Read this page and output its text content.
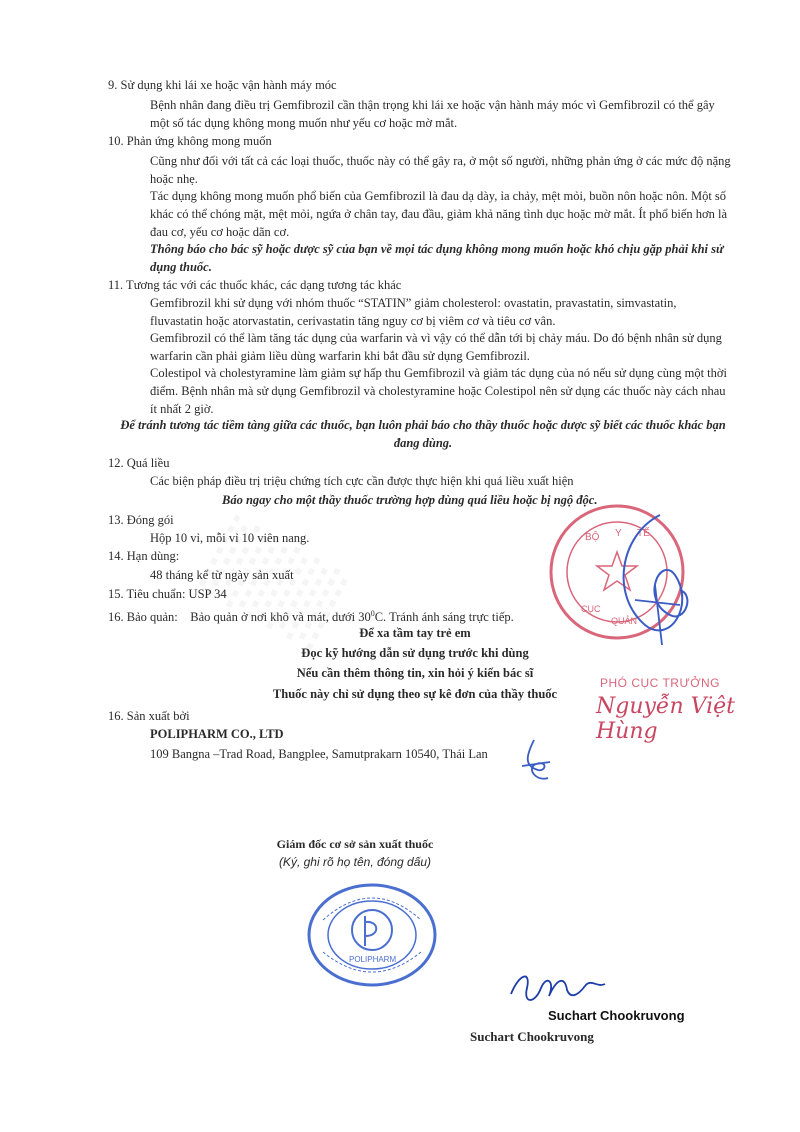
9. Sử dụng khi lái xe hoặc vận hành máy móc
Bệnh nhân đang điều trị Gemfibrozil cần thận trọng khi lái xe hoặc vận hành máy móc vì Gemfibrozil có thể gây một số tác dụng không mong muốn như yếu cơ hoặc mờ mắt.
10. Phản ứng không mong muốn
Cũng như đối với tất cả các loại thuốc, thuốc này có thể gây ra, ở một số người, những phản ứng ở các mức độ nặng hoặc nhẹ.
Tác dụng không mong muốn phổ biến của Gemfibrozil là đau dạ dày, ỉa chảy, mệt mỏi, buồn nôn hoặc nôn. Một số khác có thể chóng mặt, mệt mỏi, ngứa ở chân tay, đau đầu, giảm khả năng tình dục hoặc mờ mắt. Ít phổ biến hơn là đau cơ, yếu cơ hoặc dãn cơ.
Thông báo cho bác sỹ hoặc dược sỹ của bạn về mọi tác dụng không mong muốn hoặc khó chịu gặp phải khi sử dụng thuốc.
11. Tương tác với các thuốc khác, các dạng tương tác khác
Gemfibrozil khi sử dụng với nhóm thuốc “STATIN” giảm cholesterol: ovastatin, pravastatin, simvastatin, fluvastatin hoặc atorvastatin, cerivastatin tăng nguy cơ bị viêm cơ và tiêu cơ vân.
Gemfibrozil có thể làm tăng tác dụng của warfarin và vì vậy có thể dẫn tới bị chảy máu. Do đó bệnh nhân sử dụng warfarin cần phải giảm liều dùng warfarin khi bắt đầu sử dụng Gemfibrozil.
Colestipol và cholestyramine làm giảm sự hấp thu Gemfibrozil và giảm tác dụng của nó nếu sử dụng cùng một thời điểm. Bệnh nhân mà sử dụng Gemfibrozil và cholestyramine hoặc Colestipol nên sử dụng các thuốc này cách nhau ít nhất 2 giờ.
Để tránh tương tác tiềm tàng giữa các thuốc, bạn luôn phải báo cho thầy thuốc hoặc dược sỹ biết các thuốc khác bạn đang dùng.
12. Quá liều
Các biện pháp điều trị triệu chứng tích cực cần được thực hiện khi quá liều xuất hiện
Báo ngay cho một thầy thuốc trường hợp dùng quá liều hoặc bị ngộ độc.
13. Đóng gói
Hộp 10 vỉ, mỗi vỉ 10 viên nang.
14. Hạn dùng:
48 tháng kể từ ngày sản xuất
15. Tiêu chuẩn: USP 34
16. Bảo quản: Bảo quản ở nơi khô và mát, dưới $30^0C$. Tránh ánh sáng trực tiếp.
Để xa tầm tay trẻ em
Đọc kỹ hướng dẫn sử dụng trước khi dùng
Nếu cần thêm thông tin, xin hỏi ý kiến bác sĩ
Thuốc này chỉ sử dụng theo sự kê đơn của thầy thuốc
16. Sản xuất bởi
POLIPHARM CO., LTD
109 Bangna –Trad Road, Bangplee, Samutprakarn 10540, Thái Lan
BỘ	TẾ
Y
CỤC
QUẢN
PHÓ CỤC TRƯỞNG
Nguyễn Việt Hùng
Giám đốc cơ sở sản xuất thuốc
(Ký, ghi rõ họ tên, đóng dấu)
POLIPHARM
Suchart Chookruvong
Suchart Chookruvong
